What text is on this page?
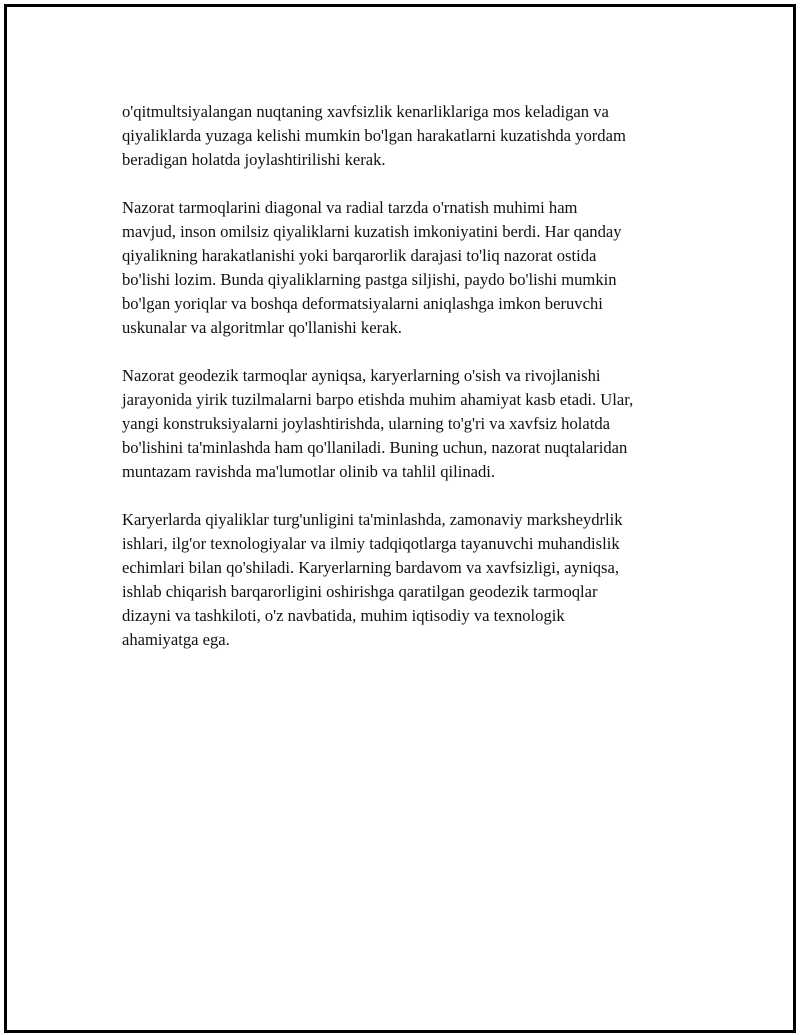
o'qitmultsiyalangan nuqtaning xavfsizlik kenarliklariga mos keladigan va
qiyaliklarda yuzaga kelishi mumkin bo'lgan harakatlarni kuzatishda yordam
beradigan holatda joylashtirilishi kerak.

Nazorat tarmoqlarini diagonal va radial tarzda o'rnatish muhimi ham
mavjud, inson omilsiz qiyaliklarni kuzatish imkoniyatini berdi. Har qanday
qiyalikning harakatlanishi yoki barqarorlik darajasi to'liq nazorat ostida
bo'lishi lozim. Bunda qiyaliklarning pastga siljishi, paydo bo'lishi mumkin
bo'lgan yoriqlar va boshqa deformatsiyalarni aniqlashga imkon beruvchi
uskunalar va algoritmlar qo'llanishi kerak.

Nazorat geodezik tarmoqlar ayniqsa, karyerlarning o'sish va rivojlanishi
jarayonida yirik tuzilmalarni barpo etishda muhim ahamiyat kasb etadi. Ular,
yangi konstruksiyalarni joylashtirishda, ularning to'g'ri va xavfsiz holatda
bo'lishini ta'minlashda ham qo'llaniladi. Buning uchun, nazorat nuqtalaridan
muntazam ravishda ma'lumotlar olinib va tahlil qilinadi.

Karyerlarda qiyaliklar turg'unligini ta'minlashda, zamonaviy marksheydrlik
ishlari, ilg'or texnologiyalar va ilmiy tadqiqotlarga tayanuvchi muhandislik
echimlari bilan qo'shiladi. Karyerlarning bardavom va xavfsizligi, ayniqsa,
ishlab chiqarish barqarorligini oshirishga qaratilgan geodezik tarmoqlar
dizayni va tashkiloti, o'z navbatida, muhim iqtisodiy va texnologik
ahamiyatga ega.
